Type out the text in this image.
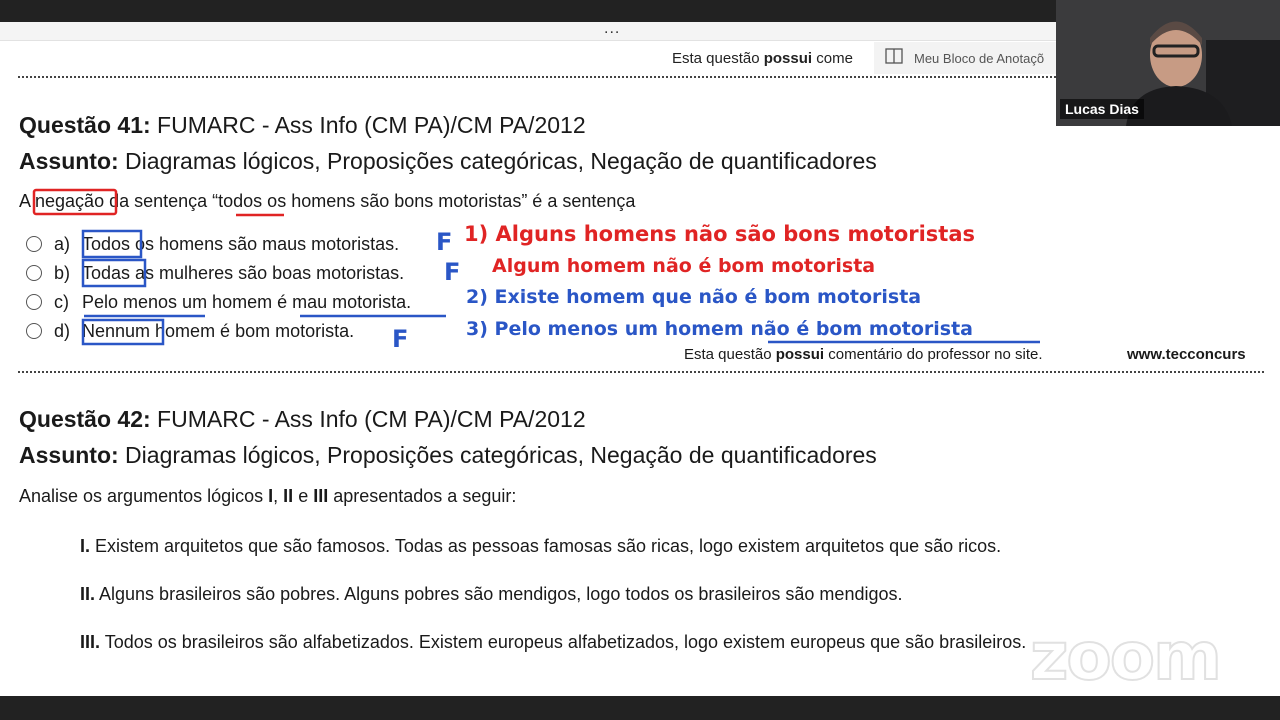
...
Esta questão possui come	Meu Bloco de Anotaçõ
Questão 41: FUMARC - Ass Info (CM PA)/CM PA/2012
Assunto: Diagramas lógicos, Proposições categóricas, Negação de quantificadores
A negação da sentença “todos os homens são bons motoristas” é a sentença
a) Todos os homens são maus motoristas.
b) Todas as mulheres são boas motoristas.
c) Pelo menos um homem é mau motorista.
d) Nennum homem é bom motorista.
Esta questão possui comentário do professor no site.	www.tecconcurs
Questão 42: FUMARC - Ass Info (CM PA)/CM PA/2012
Assunto: Diagramas lógicos, Proposições categóricas, Negação de quantificadores
Analise os argumentos lógicos I, II e III apresentados a seguir:
I. Existem arquitetos que são famosos. Todas as pessoas famosas são ricas, logo existem arquitetos que são ricos.
II. Alguns brasileiros são pobres. Alguns pobres são mendigos, logo todos os brasileiros são mendigos.
III. Todos os brasileiros são alfabetizados. Existem europeus alfabetizados, logo existem europeus que são brasileiros.
F
F
F
1) Alguns homens não são bons motoristas
Algum homem não é bom motorista
2) Existe homem que não é bom motorista
3) Pelo menos um homem não é bom motorista
Lucas Dias
zoom
